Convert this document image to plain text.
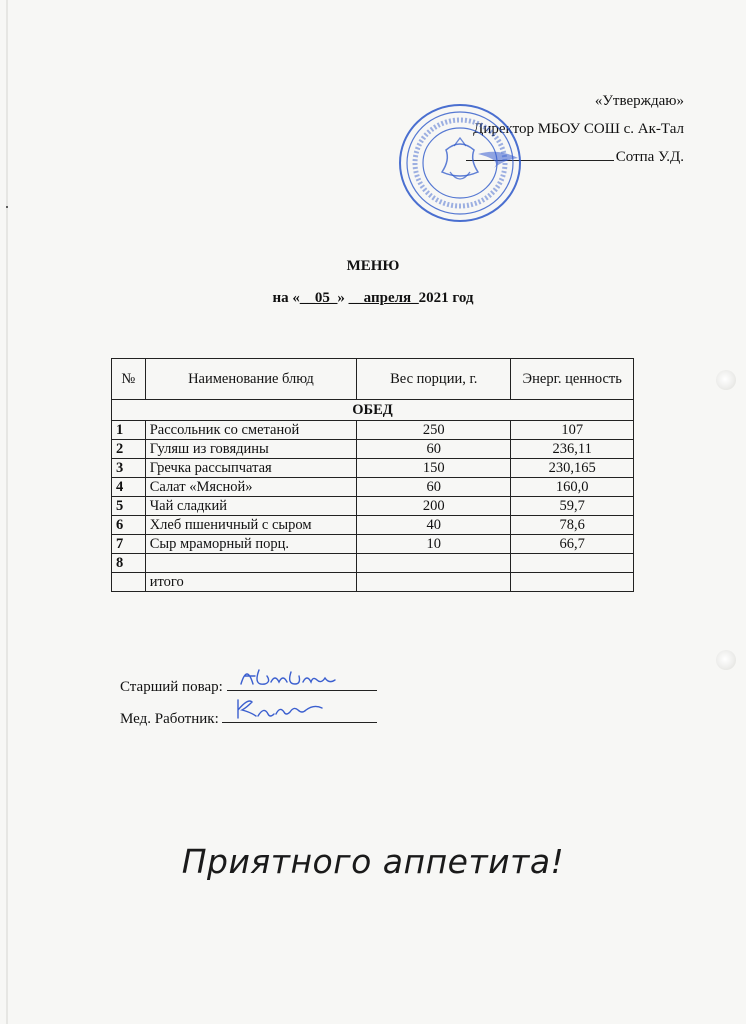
«Утверждаю»
Директор МБОУ СОШ с. Ак-Тал
Сотпа У.Д.
МЕНЮ
на «__05_» __апреля_2021 год
№	Наименование блюд	Вес порции, г.	Энерг. ценность
ОБЕД			
1	Рассольник со сметаной	250	107
2	Гуляш из говядины	60	236,11
3	Гречка рассыпчатая	150	230,165
4	Салат «Мясной»	60	160,0
5	Чай сладкий	200	59,7
6	Хлеб пшеничный с сыром	40	78,6
7	Сыр мраморный порц.	10	66,7
8			
	итого		
Старший повар:
Мед. Работник:
Приятного аппетита!
